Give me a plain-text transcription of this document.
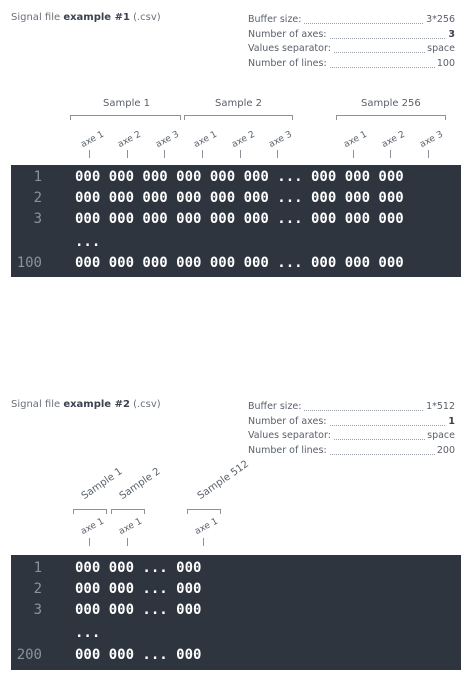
Signal file example #1 (.csv)	Buffer size:	3*256
Number of axes:	3
Values separator:	space
Number of lines:	100
Sample 1	Sample 2	Sample 256
axe 1 axe 2 axe 3 axe 1 axe 2 axe 3	axe 1 axe 2 axe 3
1 000 000 000 000 000 000 ... 000 000 000
2 000 000 000 000 000 000 ... 000 000 000
3 000 000 000 000 000 000 ... 000 000 000
...
100 000 000 000 000 000 000 ... 000 000 000
Signal file example #2 (.csv)	Buffer size:	1*512
Number of axes:	1
Values separator:	space
Number of lines:	200
Sample 1
Sample 2	Sample 512
axe 1 axe 1	axe 1
1 000 000 ... 000
2 000 000 ... 000
3 000 000 ... 000
...
200 000 000 ... 000
